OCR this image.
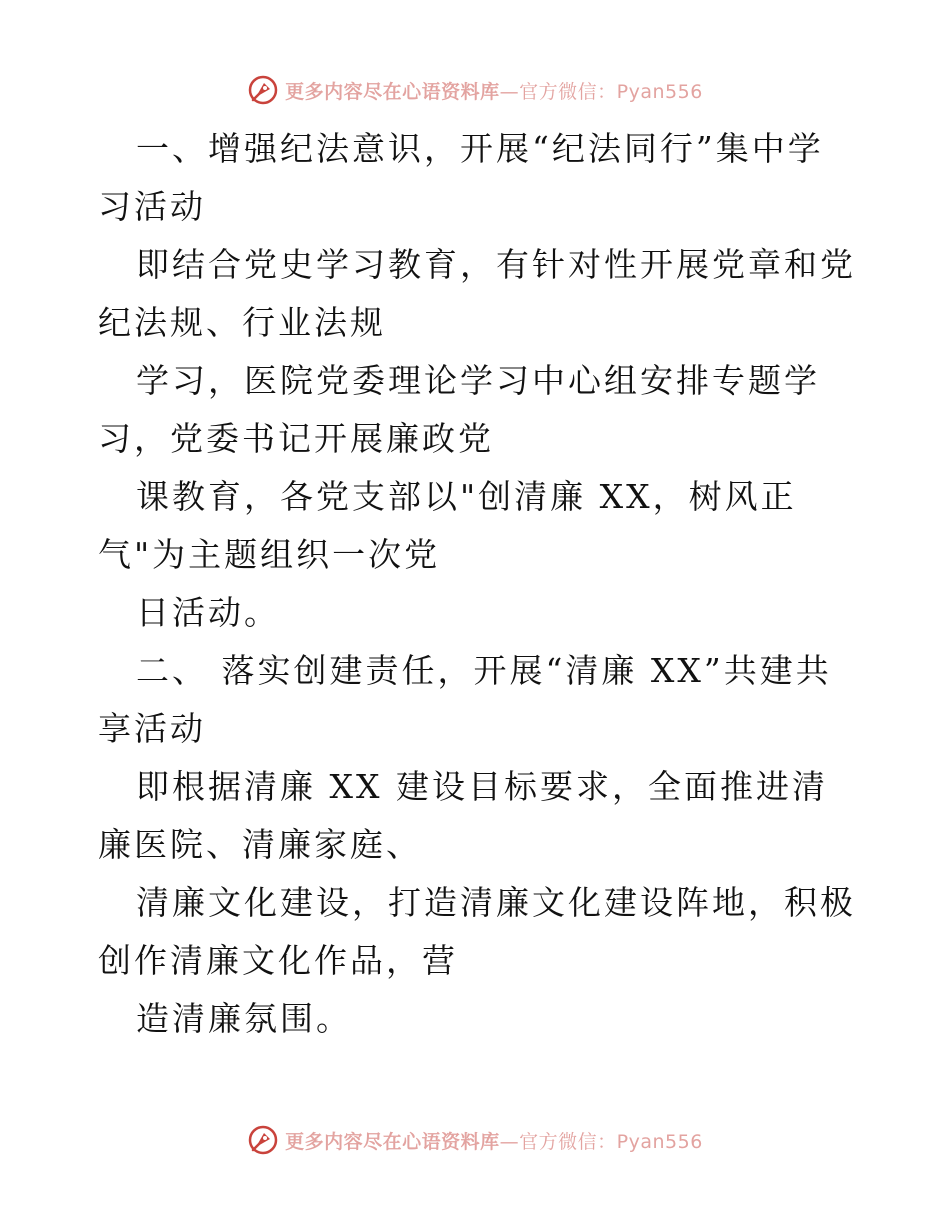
更多内容尽在心语资料库—官方微信：Pyan556

一、增强纪法意识，开展“纪法同行”集中学习活动

即结合党史学习教育，有针对性开展党章和党纪法规、行业法规

学习，医院党委理论学习中心组安排专题学习，党委书记开展廉政党

课教育，各党支部以"创清廉 XX，树风正气"为主题组织一次党

日活动。

二、 落实创建责任，开展“清廉 XX”共建共享活动

即根据清廉 XX 建设目标要求，全面推进清廉医院、清廉家庭、

清廉文化建设，打造清廉文化建设阵地，积极创作清廉文化作品，营

造清廉氛围。

更多内容尽在心语资料库—官方微信：Pyan556
